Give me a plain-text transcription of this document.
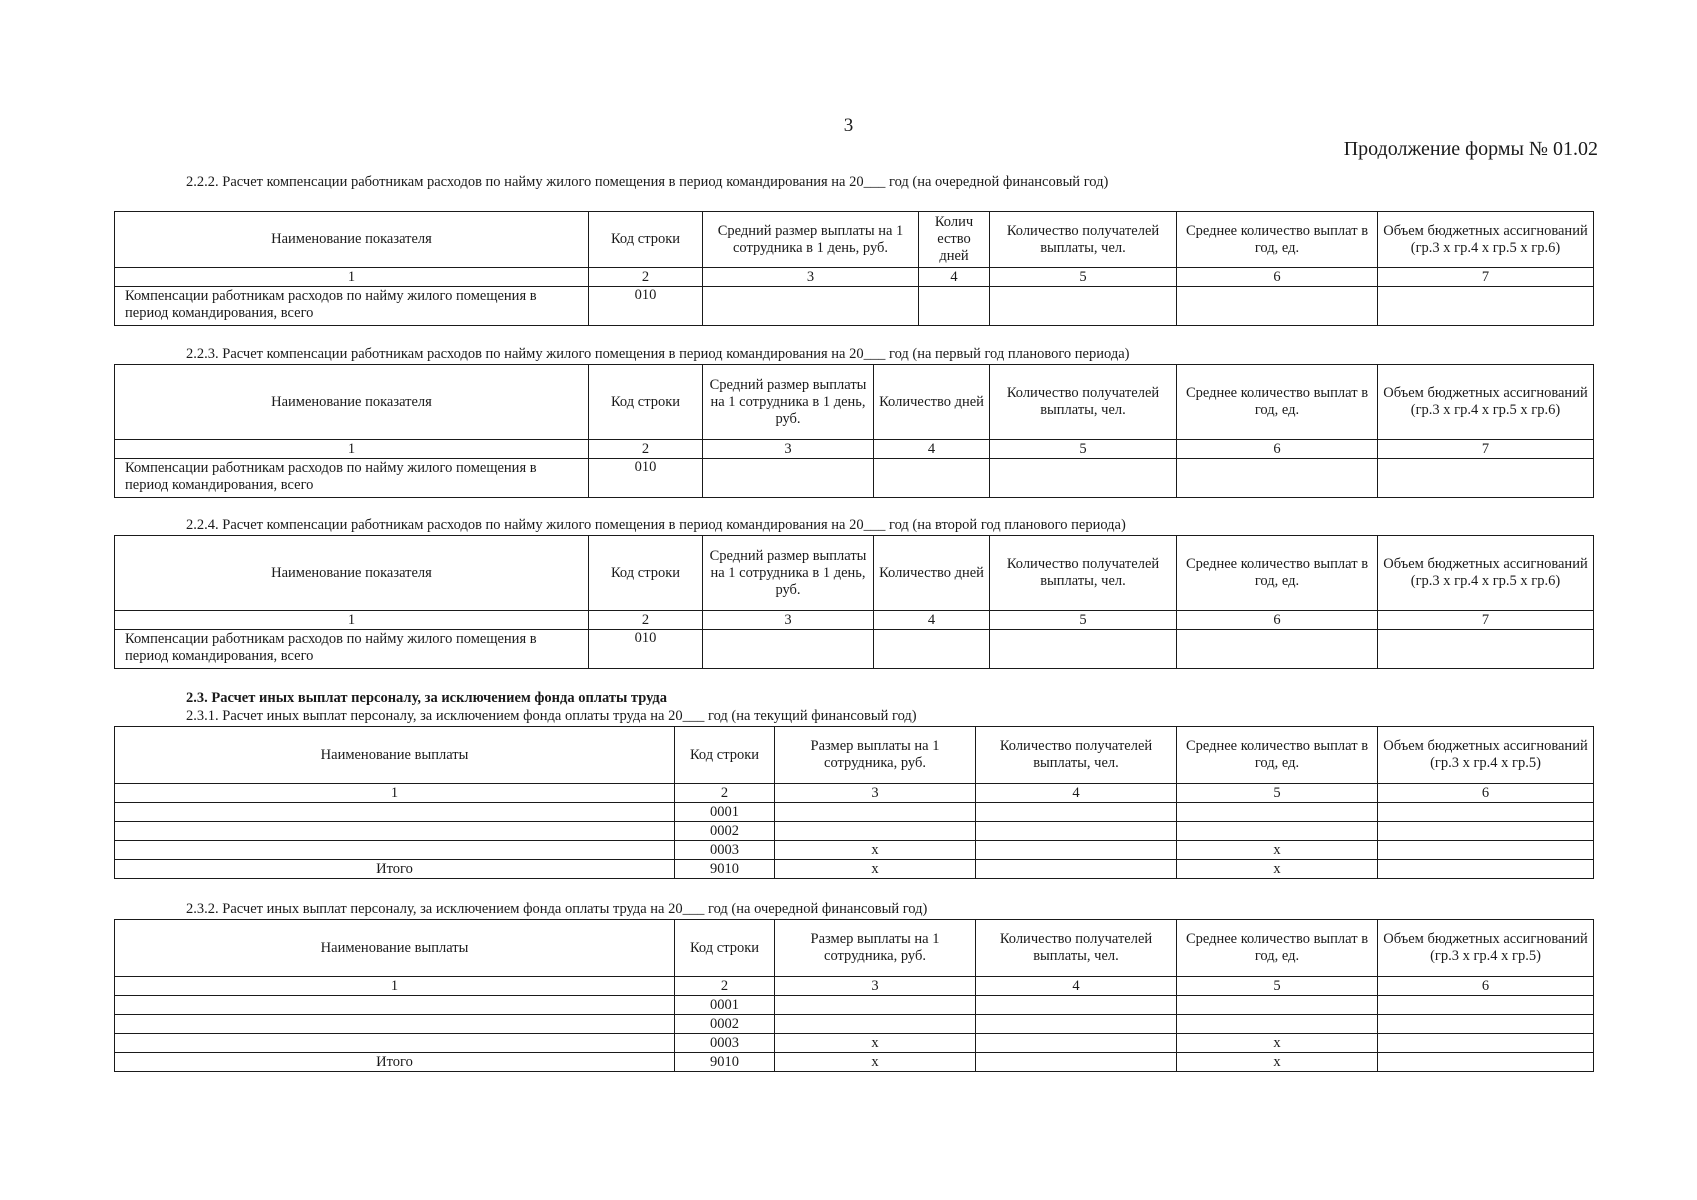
3
Продолжение формы № 01.02
2.2.2. Расчет компенсации работникам расходов по найму жилого помещения в период командирования на 20___ год (на очередной финансовый год)
Наименование показателя	Код строки	Средний размер выплаты на 1 сотрудника в 1 день, руб.	Колич ество дней	Количество получателей выплаты, чел.	Среднее количество выплат в год, ед.	Объем бюджетных ассигнований (гр.3 х гр.4 х гр.5 х гр.6)
1	2	3	4	5	6	7
Компенсации работникам расходов по найму жилого помещения в период командирования, всего	010					
2.2.3. Расчет компенсации работникам расходов по найму жилого помещения в период командирования на 20___ год (на первый год планового периода)
Наименование показателя	Код строки	Средний размер выплаты на 1 сотрудника в 1 день, руб.	Количество дней	Количество получателей выплаты, чел.	Среднее количество выплат в год, ед.	Объем бюджетных ассигнований (гр.3 х гр.4 х гр.5 х гр.6)
1	2	3	4	5	6	7
Компенсации работникам расходов по найму жилого помещения в период командирования, всего	010					
2.2.4. Расчет компенсации работникам расходов по найму жилого помещения в период командирования на 20___ год (на второй год планового периода)
Наименование показателя	Код строки	Средний размер выплаты на 1 сотрудника в 1 день, руб.	Количество дней	Количество получателей выплаты, чел.	Среднее количество выплат в год, ед.	Объем бюджетных ассигнований (гр.3 х гр.4 х гр.5 х гр.6)
1	2	3	4	5	6	7
Компенсации работникам расходов по найму жилого помещения в период командирования, всего	010					
2.3. Расчет иных выплат персоналу, за исключением фонда оплаты труда
2.3.1. Расчет иных выплат персоналу, за исключением фонда оплаты труда на 20___ год (на текущий финансовый год)
Наименование выплаты	Код строки	Размер выплаты на 1 сотрудника, руб.	Количество получателей выплаты, чел.	Среднее количество выплат в год, ед.	Объем бюджетных ассигнований (гр.3 х гр.4 х гр.5)
1	2	3	4	5	6
	0001				
	0002				
	0003	х		х	
Итого	9010	х		х	
2.3.2. Расчет иных выплат персоналу, за исключением фонда оплаты труда на 20___ год (на очередной финансовый год)
Наименование выплаты	Код строки	Размер выплаты на 1 сотрудника, руб.	Количество получателей выплаты, чел.	Среднее количество выплат в год, ед.	Объем бюджетных ассигнований (гр.3 х гр.4 х гр.5)
1	2	3	4	5	6
	0001				
	0002				
	0003	х		х	
Итого	9010	х		х	
